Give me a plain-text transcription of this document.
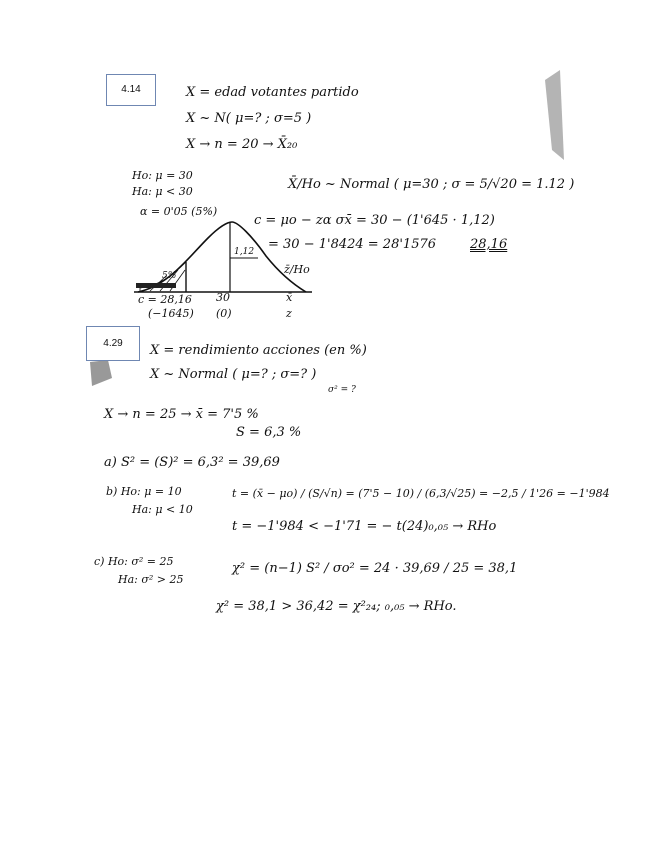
4.14	X = edad votantes partido
X ~ N( μ=? ; σ=5 )
X → n = 20 → X̄₂₀
Ho: μ = 30
Ha: μ < 30
α = 0'05 (5%)
X̄/Ho ~ Normal ( μ=30 ; σ = 5/√20 = 1.12 )
c = μo − zα σx̄ = 30 − (1'645 · 1,12)
= 30 − 1'8424 = 28'1576	28,16
1,12
5%	z̄/Ho
c = 28,16
(−1645)
30
(0)
x̄
z
4.29	X = rendimiento acciones (en %)
X ~ Normal ( μ=? ; σ=? )
σ² = ?
X → n = 25 → x̄ = 7'5 %
S = 6,3 %
a) S² = (S)² = 6,3² = 39,69
b) Ho: μ = 10
Ha: μ < 10
t = (x̄ − μo) / (S/√n) = (7'5 − 10) / (6,3/√25) = −2,5 / 1'26 = −1'984
t = −1'984 < −1'71 = − t(24)₀,₀₅ → RHo
c) Ho: σ² = 25
Ha: σ² > 25
χ² = (n−1) S² / σo² = 24 · 39,69 / 25 = 38,1
χ² = 38,1 > 36,42 = χ²₂₄; ₀,₀₅ → RHo.
